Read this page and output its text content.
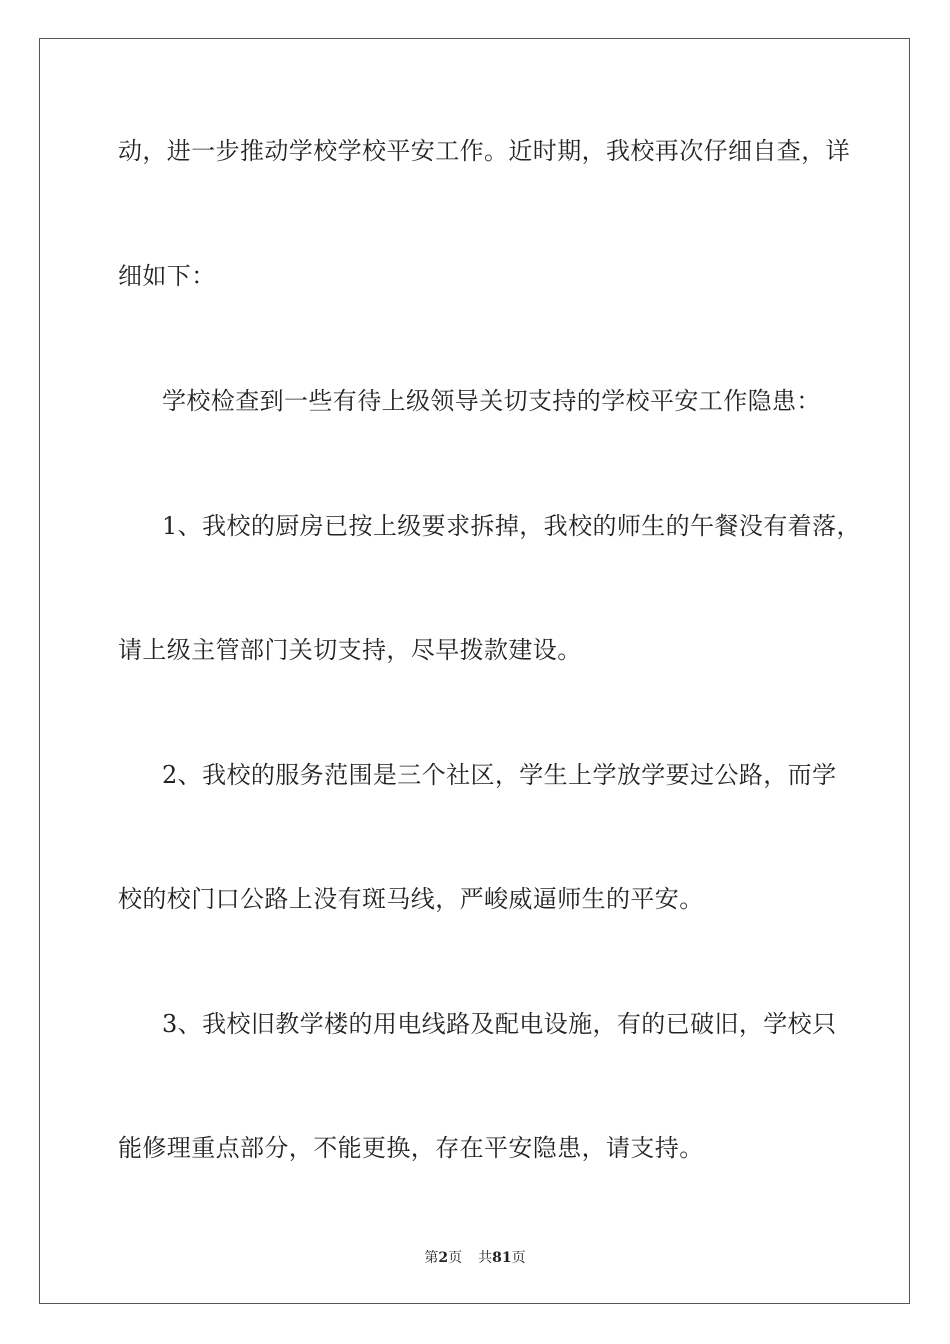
动，进一步推动学校学校平安工作。近时期，我校再次仔细自查，详
细如下：
学校检查到一些有待上级领导关切支持的学校平安工作隐患：
1、我校的厨房已按上级要求拆掉，我校的师生的午餐没有着落，
请上级主管部门关切支持，尽早拨款建设。
2、我校的服务范围是三个社区，学生上学放学要过公路，而学
校的校门口公路上没有斑马线，严峻威逼师生的平安。
3、我校旧教学楼的用电线路及配电设施，有的已破旧，学校只
能修理重点部分，不能更换，存在平安隐患，请支持。
第2页 共81页
